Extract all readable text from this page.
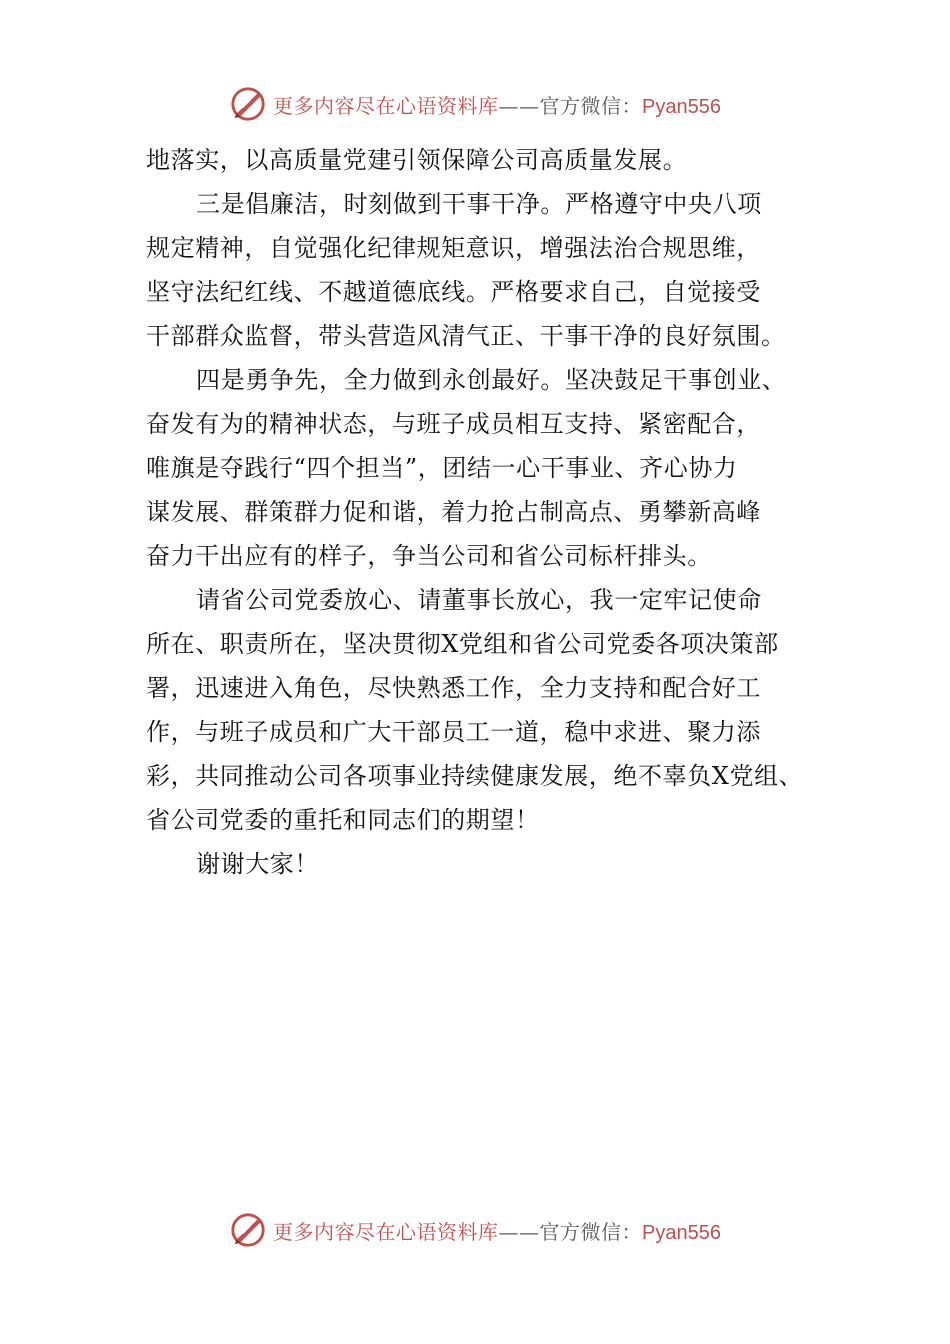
更多内容尽在心语资料库——官方微信：Pyan556
地落实，以高质量党建引领保障公司高质量发展。
三是倡廉洁，时刻做到干事干净。严格遵守中央八项
规定精神，自觉强化纪律规矩意识，增强法治合规思维，
坚守法纪红线、不越道德底线。严格要求自己，自觉接受
干部群众监督，带头营造风清气正、干事干净的良好氛围。
四是勇争先，全力做到永创最好。坚决鼓足干事创业、
奋发有为的精神状态，与班子成员相互支持、紧密配合，
唯旗是夺践行“四个担当”，团结一心干事业、齐心协力
谋发展、群策群力促和谐，着力抢占制高点、勇攀新高峰
奋力干出应有的样子，争当公司和省公司标杆排头。
请省公司党委放心、请董事长放心，我一定牢记使命
所在、职责所在，坚决贯彻X党组和省公司党委各项决策部
署，迅速进入角色，尽快熟悉工作，全力支持和配合好工
作，与班子成员和广大干部员工一道，稳中求进、聚力添
彩，共同推动公司各项事业持续健康发展，绝不辜负X党组、
省公司党委的重托和同志们的期望！
谢谢大家！
更多内容尽在心语资料库——官方微信：Pyan556
